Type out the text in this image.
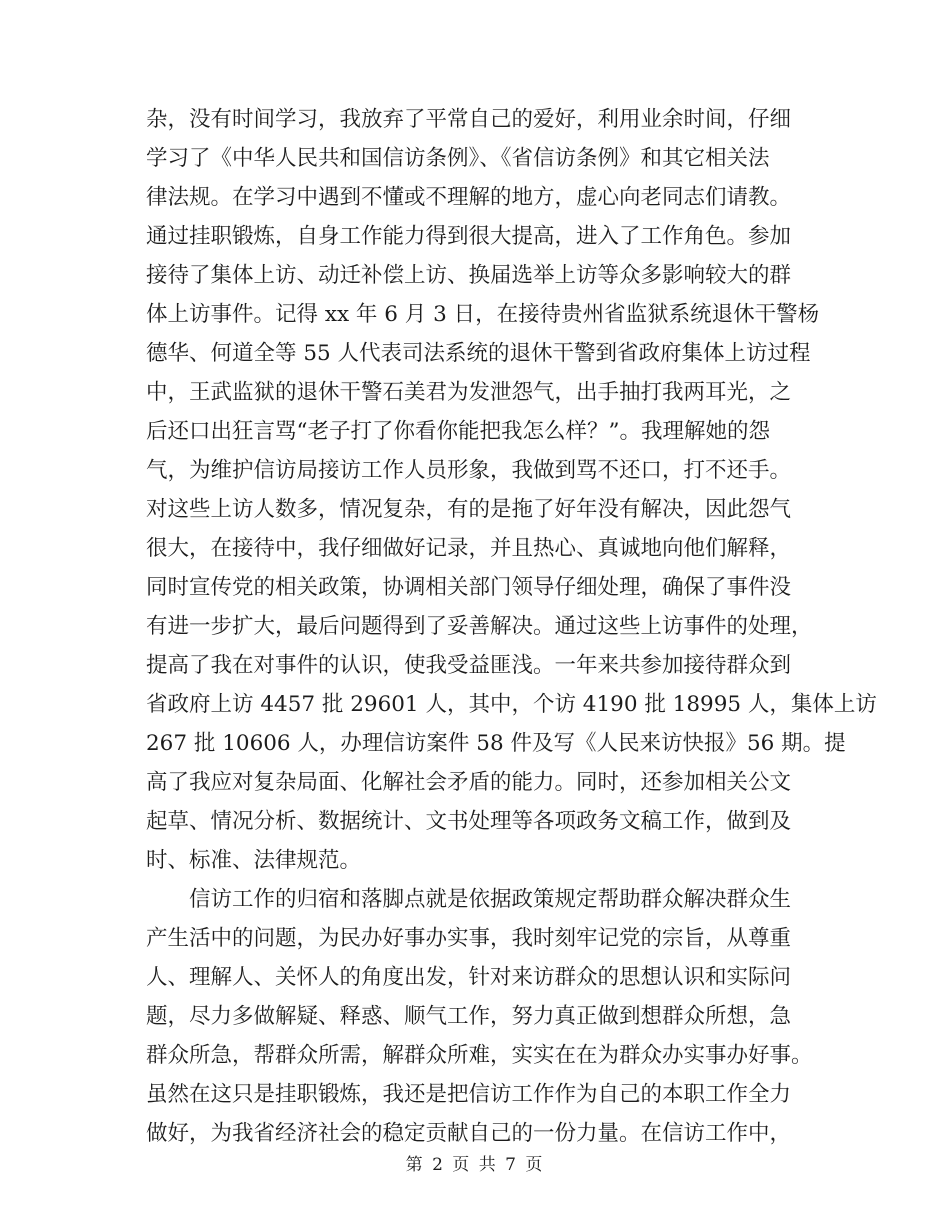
杂，没有时间学习，我放弃了平常自己的爱好，利用业余时间，仔细
学习了《中华人民共和国信访条例》、《省信访条例》和其它相关法
律法规。在学习中遇到不懂或不理解的地方，虚心向老同志们请教。
通过挂职锻炼，自身工作能力得到很大提高，进入了工作角色。参加
接待了集体上访、动迁补偿上访、换届选举上访等众多影响较大的群
体上访事件。记得 xx 年 6 月 3 日，在接待贵州省监狱系统退休干警杨
德华、何道全等 55 人代表司法系统的退休干警到省政府集体上访过程
中，王武监狱的退休干警石美君为发泄怨气，出手抽打我两耳光，之
后还口出狂言骂“老子打了你看你能把我怎么样？”。我理解她的怨
气，为维护信访局接访工作人员形象，我做到骂不还口，打不还手。
对这些上访人数多，情况复杂，有的是拖了好年没有解决，因此怨气
很大，在接待中，我仔细做好记录，并且热心、真诚地向他们解释，
同时宣传党的相关政策，协调相关部门领导仔细处理，确保了事件没
有进一步扩大，最后问题得到了妥善解决。通过这些上访事件的处理，
提高了我在对事件的认识，使我受益匪浅。一年来共参加接待群众到
省政府上访 4457 批 29601 人，其中，个访 4190 批 18995 人，集体上访
267 批 10606 人，办理信访案件 58 件及写《人民来访快报》56 期。提
高了我应对复杂局面、化解社会矛盾的能力。同时，还参加相关公文
起草、情况分析、数据统计、文书处理等各项政务文稿工作，做到及
时、标准、法律规范。
信访工作的归宿和落脚点就是依据政策规定帮助群众解决群众生
产生活中的问题，为民办好事办实事，我时刻牢记党的宗旨，从尊重
人、理解人、关怀人的角度出发，针对来访群众的思想认识和实际问
题，尽力多做解疑、释惑、顺气工作，努力真正做到想群众所想，急
群众所急，帮群众所需，解群众所难，实实在在为群众办实事办好事。
虽然在这只是挂职锻炼，我还是把信访工作作为自己的本职工作全力
做好，为我省经济社会的稳定贡献自己的一份力量。在信访工作中，
第 2 页 共 7 页
